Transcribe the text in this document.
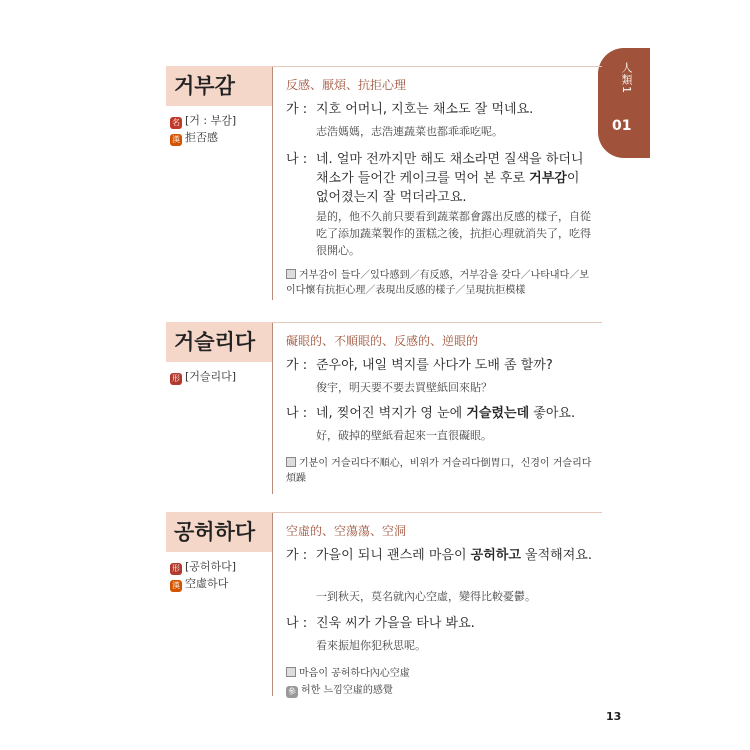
人類1
01
거부감
名 [거 : 부감]
漢 拒否感
反感、厭煩、抗拒心理
가 : 지호 어머니, 지호는 채소도 잘 먹네요.
志浩媽媽，志浩連蔬菜也都乖乖吃呢。
나 : 네. 얼마 전까지만 해도 채소라면 질색을 하더니 채소가 들어간 케이크를 먹어 본 후로 거부감이 없어졌는지 잘 먹더라고요.
是的，他不久前只要看到蔬菜都會露出反感的樣子，自從吃了添加蔬菜製作的蛋糕之後，抗拒心理就消失了，吃得很開心。
거부감이 들다／있다感到／有反感，거부감을 갖다／나타내다／보이다懷有抗拒心理／表現出反感的樣子／呈現抗拒模樣
거슬리다
形 [거슬리다]
礙眼的、不順眼的、反感的、逆眼的
가 : 준우야, 내일 벽지를 사다가 도배 좀 할까?
俊宇，明天要不要去買壁紙回來貼？
나 : 네, 찢어진 벽지가 영 눈에 거슬렸는데 좋아요.
好，破掉的壁紙看起來一直很礙眼。
기분이 거슬리다不順心，비위가 거슬리다倒胃口，신경이 거슬리다煩躁
공허하다
形 [공허하다]
漢 空虛하다
空虛的、空蕩蕩、空洞
가 : 가을이 되니 괜스레 마음이 공허하고 울적해져요.
一到秋天，莫名就內心空虛，變得比較憂鬱。
나 : 진욱 씨가 가을을 타나 봐요.
看來振旭你犯秋思呢。
마음이 공허하다內心空虛
參 허한 느낌空虛的感覺
13
